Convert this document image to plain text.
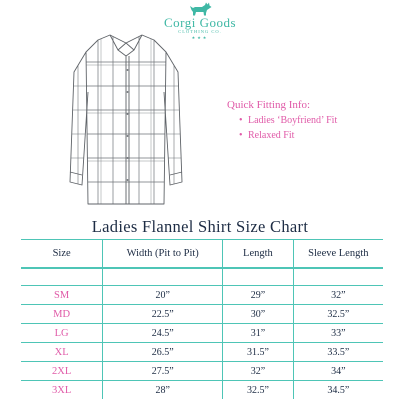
Corgi Goods
CLOTHING CO.
★★★
Quick Fitting Info:
• Ladies ‘Boyfriend’ Fit
• Relaxed Fit
Ladies Flannel Shirt Size Chart
Size	Width (Pit to Pit)	Length	Sleeve Length

SM	20”	29”	32”
MD	22.5”	30”	32.5”
LG	24.5”	31”	33”
XL	26.5”	31.5”	33.5”
2XL	27.5”	32”	34”
3XL	28”	32.5”	34.5”
